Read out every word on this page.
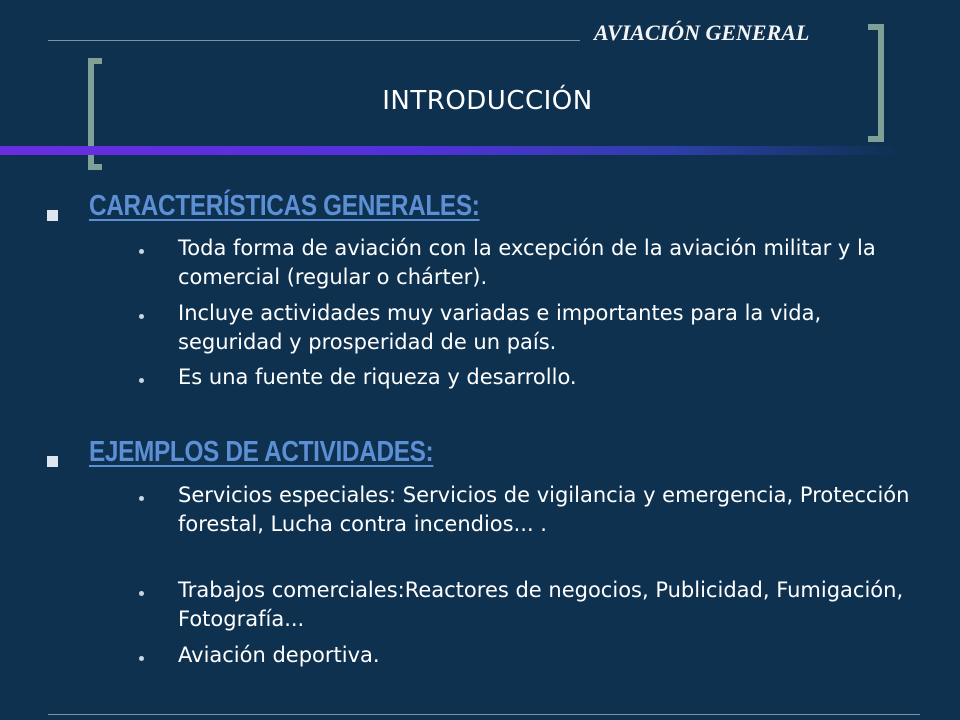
AVIACIÓN GENERAL
INTRODUCCIÓN
CARACTERÍSTICAS GENERALES:
Toda forma de aviación con la excepción de la aviación militar y la comercial (regular o chárter).
Incluye actividades muy variadas e importantes para la vida, seguridad y prosperidad de un país.
Es una fuente de riqueza y desarrollo.
EJEMPLOS DE ACTIVIDADES:
Servicios especiales: Servicios de vigilancia y emergencia, Protección forestal, Lucha contra incendios... .
Trabajos comerciales:Reactores de negocios, Publicidad, Fumigación, Fotografía...
Aviación deportiva.
